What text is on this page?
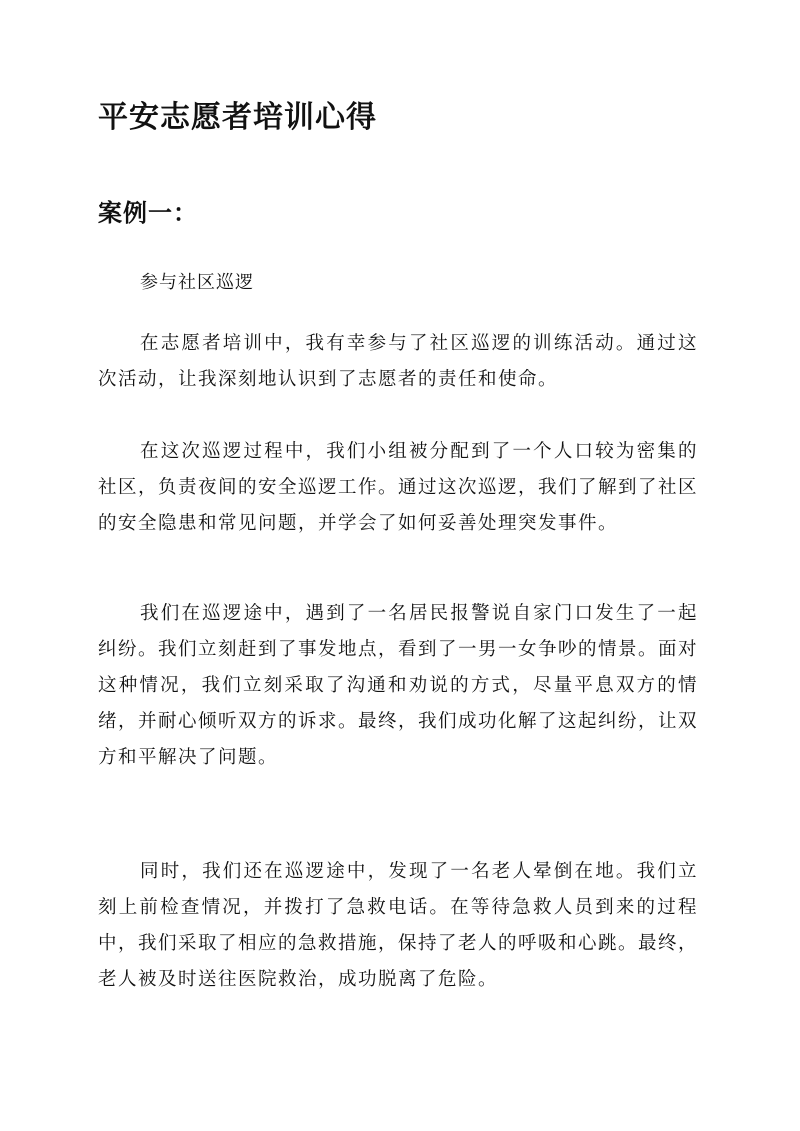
平安志愿者培训心得
案例一：
参与社区巡逻

在志愿者培训中，我有幸参与了社区巡逻的训练活动。通过这次活动，让我深刻地认识到了志愿者的责任和使命。

在这次巡逻过程中，我们小组被分配到了一个人口较为密集的社区，负责夜间的安全巡逻工作。通过这次巡逻，我们了解到了社区的安全隐患和常见问题，并学会了如何妥善处理突发事件。

我们在巡逻途中，遇到了一名居民报警说自家门口发生了一起纠纷。我们立刻赶到了事发地点，看到了一男一女争吵的情景。面对这种情况，我们立刻采取了沟通和劝说的方式，尽量平息双方的情绪，并耐心倾听双方的诉求。最终，我们成功化解了这起纠纷，让双方和平解决了问题。

同时，我们还在巡逻途中，发现了一名老人晕倒在地。我们立刻上前检查情况，并拨打了急救电话。在等待急救人员到来的过程中，我们采取了相应的急救措施，保持了老人的呼吸和心跳。最终，老人被及时送往医院救治，成功脱离了危险。
